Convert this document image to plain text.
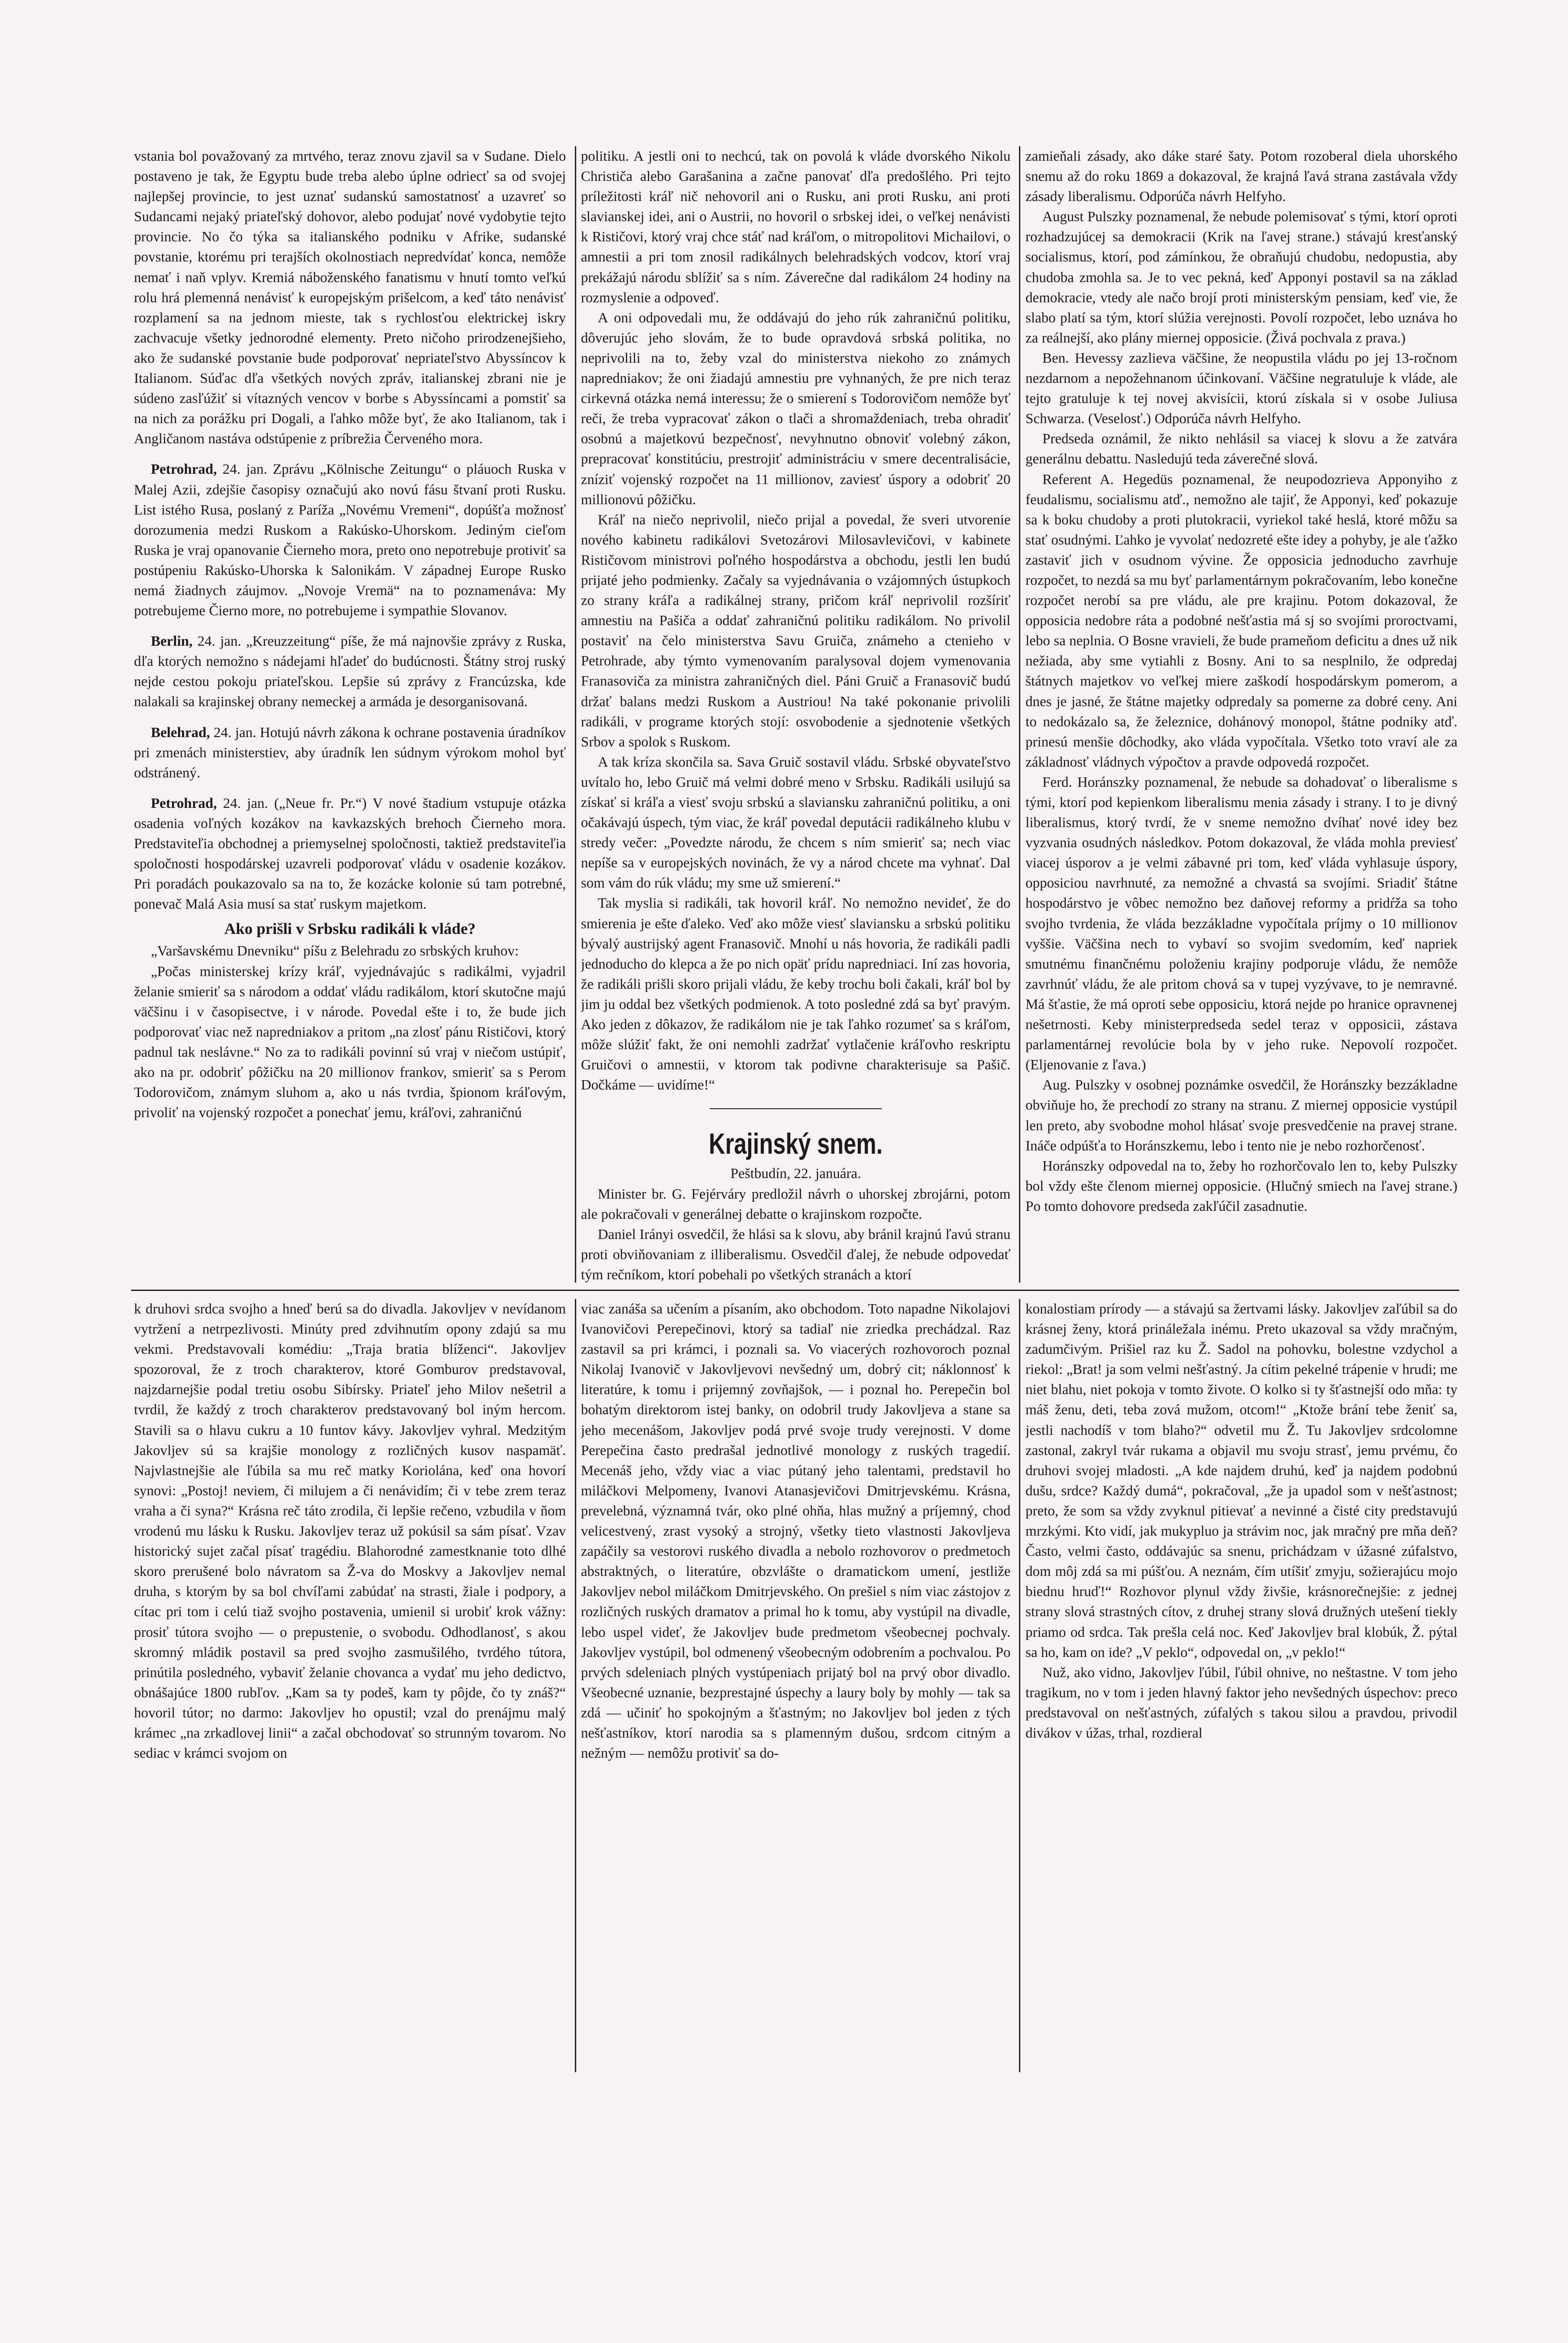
vstania bol považovaný za mrtvého, teraz znovu zjavil sa v Sudane. Dielo postaveno je tak, že Egyptu bude treba alebo úplne odriecť sa od svojej najlepšej provincie, to jest uznať sudanskú samostatnosť a uzavreť so Sudancami nejaký priateľský dohovor, alebo podujať nové vydobytie tejto provincie. No čo týka sa italianského podniku v Afrike, sudanské povstanie, ktorému pri terajších okolnostiach nepredvídať konca, nemôže nemať i naň vplyv. Kremiá náboženského fanatismu v hnutí tomto veľkú rolu hrá plemenná nenávisť k europejským prišelcom, a keď táto nenávisť rozplamení sa na jednom mieste, tak s rychlosťou elektrickej iskry zachvacuje všetky jednorodné elementy. Preto ničoho prirodzenejšieho, ako že sudanské povstanie bude podporovať nepriateľstvo Abyssíncov k Italianom. Súďac dľa všetkých nových zpráv, italianskej zbrani nie je súdeno zasľúžiť si vítazných vencov v borbe s Abyssíncami a pomstiť sa na nich za porážku pri Dogali, a ľahko môže byť, že ako Italianom, tak i Angličanom nastáva odstúpenie z príbrežia Červeného mora.

Petrohrad, 24. jan. Zprávu „Kölnische Zeitungu“ o pláuoch Ruska v Malej Azii, zdejšie časopisy označujú ako novú fásu štvaní proti Rusku. List istého Rusa, poslaný z Paríža „Novému Vremeni“, dopúšťa možnosť dorozumenia medzi Ruskom a Rakúsko-Uhorskom. Jediným cieľom Ruska je vraj opanovanie Čierneho mora, preto ono nepotrebuje protiviť sa postúpeniu Rakúsko-Uhorska k Salonikám. V západnej Europe Rusko nemá žiadnych záujmov. „Novoje Vremä“ na to poznamenáva: My potrebujeme Čierno more, no potrebujeme i sympathie Slovanov.

Berlin, 24. jan. „Kreuzzeitung“ píše, že má najnovšie zprávy z Ruska, dľa ktorých nemožno s nádejami hľadeť do budúcnosti. Štátny stroj ruský nejde cestou pokoju priateľskou. Lepšie sú zprávy z Francúzska, kde nalakali sa krajinskej obrany nemeckej a armáda je desorganisovaná.

Belehrad, 24. jan. Hotujú návrh zákona k ochrane postavenia úradníkov pri zmenách ministerstiev, aby úradník len súdnym výrokom mohol byť odstránený.

Petrohrad, 24. jan. („Neue fr. Pr.“) V nové štadium vstupuje otázka osadenia voľných kozákov na kavkazských brehoch Čierneho mora. Predstaviteľia obchodnej a priemyselnej spoločnosti, taktiež predstaviteľia spoločnosti hospodárskej uzavreli podporovať vládu v osadenie kozákov. Pri poradách poukazovalo sa na to, že kozácke kolonie sú tam potrebné, ponevač Malá Asia musí sa stať ruskym majetkom.

Ako prišli v Srbsku radikáli k vláde?

„Varšavskému Dnevniku“ píšu z Belehradu zo srbských kruhov:

„Počas ministerskej krízy kráľ, vyjednávajúc s radikálmi, vyjadril želanie smieriť sa s národom a oddať vládu radikálom, ktorí skutočne majú väčšinu i v časopisectve, i v národe. Povedal ešte i to, že bude jich podporovať viac než napredniakov a pritom „na zlosť pánu Rističovi, ktorý padnul tak neslávne.“ No za to radikáli povinní sú vraj v niečom ustúpiť, ako na pr. odobriť pôžičku na 20 millionov frankov, smieriť sa s Perom Todorovičom, známym sluhom a, ako u nás tvrdia, špionom kráľovým, privoliť na vojenský rozpočet a ponechať jemu, kráľovi, zahraničnú

politiku. A jestli oni to nechcú, tak on povolá k vláde dvorského Nikolu Christiča alebo Garašanina a začne panovať dľa predošlého. Pri tejto príležitosti kráľ nič nehovoril ani o Rusku, ani proti Rusku, ani proti slavianskej idei, ani o Austrii, no hovoril o srbskej idei, o veľkej nenávisti k Rističovi, ktorý vraj chce stáť nad kráľom, o mitropolitovi Michailovi, o amnestii a pri tom znosil radikálnych belehradských vodcov, ktorí vraj prekážajú národu sblížiť sa s ním. Záverečne dal radikálom 24 hodiny na rozmyslenie a odpoveď.

A oni odpovedali mu, že oddávajú do jeho rúk zahraničnú politiku, dôverujúc jeho slovám, že to bude opravdová srbská politika, no neprivolili na to, žeby vzal do ministerstva niekoho zo známych napredniakov; že oni žiadajú amnestiu pre vyhnaných, že pre nich teraz cirkevná otázka nemá interessu; že o smierení s Todorovičom nemôže byť reči, že treba vypracovať zákon o tlači a shromaždeniach, treba ohradiť osobnú a majetkovú bezpečnosť, nevyhnutno obnoviť volebný zákon, prepracovať konstitúciu, prestrojiť administráciu v smere decentralisácie, zníziť vojenský rozpočet na 11 millionov, zaviesť úspory a odobriť 20 millionovú pôžičku.

Kráľ na niečo neprivolil, niečo prijal a povedal, že sveri utvorenie nového kabinetu radikálovi Svetozárovi Milosavlevičovi, v kabinete Rističovom ministrovi poľného hospodárstva a obchodu, jestli len budú prijaté jeho podmienky. Začaly sa vyjednávania o vzájomných ústupkoch zo strany kráľa a radikálnej strany, pričom kráľ neprivolil rozšíriť amnestiu na Pašiča a oddať zahraničnú politiku radikálom. No privolil postaviť na čelo ministerstva Savu Gruiča, známeho a ctenieho v Petrohrade, aby týmto vymenovaním paralysoval dojem vymenovania Franasoviča za ministra zahraničných diel. Páni Gruič a Franasovič budú držať balans medzi Ruskom a Austriou! Na také pokonanie privolili radikáli, v programe ktorých stojí: osvobodenie a sjednotenie všetkých Srbov a spolok s Ruskom.

A tak kríza skončila sa. Sava Gruič sostavil vládu. Srbské obyvateľstvo uvítalo ho, lebo Gruič má velmi dobré meno v Srbsku. Radikáli usilujú sa získať si kráľa a viesť svoju srbskú a slaviansku zahraničnú politiku, a oni očakávajú úspech, tým viac, že kráľ povedal deputácii radikálneho klubu v stredy večer: „Povedzte národu, že chcem s ním smieriť sa; nech viac nepíše sa v europejských novinách, že vy a národ chcete ma vyhnať. Dal som vám do rúk vládu; my sme už smierení.“

Tak myslia si radikáli, tak hovoril kráľ. No nemožno nevideť, že do smierenia je ešte ďaleko. Veď ako môže viesť slaviansku a srbskú politiku bývalý austrijský agent Franasovič. Mnohí u nás hovoria, že radikáli padli jednoducho do klepca a že po nich opäť prídu napredniaci. Iní zas hovoria, že radikáli prišli skoro prijali vládu, že keby trochu boli čakali, kráľ bol by jim ju oddal bez všetkých podmienok. A toto posledné zdá sa byť pravým. Ako jeden z dôkazov, že radikálom nie je tak ľahko rozumeť sa s kráľom, môže slúžiť fakt, že oni nemohli zadržať vytlačenie kráľovho reskriptu Gruičovi o amnestii, v ktorom tak podivne charakterisuje sa Pašič. Dočkáme — uvidíme!“

Krajinský snem.

Peštbudín, 22. januára.

Minister br. G. Fejérváry predložil návrh o uhorskej zbrojárni, potom ale pokračovali v generálnej debatte o krajinskom rozpočte.

Daniel Irányi osvedčil, že hlási sa k slovu, aby bránil krajnú ľavú stranu proti obviňovaniam z illiberalismu. Osvedčil ďalej, že nebude odpovedať tým rečníkom, ktorí pobehali po všetkých stranách a ktorí

zamieňali zásady, ako dáke staré šaty. Potom rozoberal diela uhorského snemu až do roku 1869 a dokazoval, že krajná ľavá strana zastávala vždy zásady liberalismu. Odporúča návrh Helfyho.

August Pulszky poznamenal, že nebude polemisovať s tými, ktorí oproti rozhadzujúcej sa demokracii (Krik na ľavej strane.) stávajú kresťanský socialismus, ktorí, pod zámínkou, že obraňujú chudobu, nedopustia, aby chudoba zmohla sa. Je to vec pekná, keď Apponyi postavil sa na základ demokracie, vtedy ale načo brojí proti ministerským pensiam, keď vie, že slabo platí sa tým, ktorí slúžia verejnosti. Povolí rozpočet, lebo uznáva ho za reálnejší, ako plány miernej opposicie. (Živá pochvala z prava.)

Ben. Hevessy zazlieva väčšine, že neopustila vládu po jej 13-ročnom nezdarnom a nepožehnanom účinkovaní. Väčšine negratuluje k vláde, ale tejto gratuluje k tej novej akvisícii, ktorú získala si v osobe Juliusa Schwarza. (Veselosť.) Odporúča návrh Helfyho.

Predseda oznámil, že nikto nehlásil sa viacej k slovu a že zatvára generálnu debattu. Nasledujú teda záverečné slová.

Referent A. Hegedüs poznamenal, že neupodozrieva Apponyiho z feudalismu, socialismu atď., nemožno ale tajiť, že Apponyi, keď pokazuje sa k boku chudoby a proti plutokracii, vyriekol také heslá, ktoré môžu sa stať osudnými. Ľahko je vyvolať nedozreté ešte idey a pohyby, je ale ťažko zastaviť jich v osudnom vývine. Že opposicia jednoducho zavrhuje rozpočet, to nezdá sa mu byť parlamentárnym pokračovaním, lebo konečne rozpočet nerobí sa pre vládu, ale pre krajinu. Potom dokazoval, že opposicia nedobre ráta a podobné nešťastia má sj so svojími proroctvami, lebo sa neplnia. O Bosne vravieli, že bude prameňom deficitu a dnes už nik nežiada, aby sme vytiahli z Bosny. Ani to sa nesplnilo, že odpredaj štátnych majetkov vo veľkej miere zaškodí hospodárskym pomerom, a dnes je jasné, že štátne majetky odpredaly sa pomerne za dobré ceny. Ani to nedokázalo sa, že železnice, dohánový monopol, štátne podniky atď. prinesú menšie dôchodky, ako vláda vypočítala. Všetko toto vraví ale za základnosť vládnych výpočtov a pravde odpovedá rozpočet.

Ferd. Horánszky poznamenal, že nebude sa dohadovať o liberalisme s tými, ktorí pod kepienkom liberalismu menia zásady i strany. I to je divný liberalismus, ktorý tvrdí, že v sneme nemožno dvíhať nové idey bez vyzvania osudných následkov. Potom dokazoval, že vláda mohla previesť viacej úsporov a je velmi zábavné pri tom, keď vláda vyhlasuje úspory, opposiciou navrhnuté, za nemožné a chvastá sa svojími. Sriadiť štátne hospodárstvo je vôbec nemožno bez daňovej reformy a pridŕža sa toho svojho tvrdenia, že vláda bezzákladne vypočítala príjmy o 10 millionov vyššie. Väčšina nech to vybaví so svojim svedomím, keď napriek smutnému finančnému položeniu krajiny podporuje vládu, že nemôže zavrhnúť vládu, že ale pritom chová sa v tupej vyzývave, to je nemravné. Má šťastie, že má oproti sebe opposiciu, ktorá nejde po hranice opravnenej nešetrnosti. Keby ministerpredseda sedel teraz v opposicii, zástava parlamentárnej revolúcie bola by v jeho ruke. Nepovolí rozpočet. (Eljenovanie z ľava.)

Aug. Pulszky v osobnej poznámke osvedčil, že Horánszky bezzákladne obviňuje ho, že prechodí zo strany na stranu. Z miernej opposicie vystúpil len preto, aby svobodne mohol hlásať svoje presvedčenie na pravej strane. Ináče odpúšťa to Horánszkemu, lebo i tento nie je nebo rozhorčenosť.

Horánszky odpovedal na to, žeby ho rozhorčovalo len to, keby Pulszky bol vždy ešte členom miernej opposicie. (Hlučný smiech na ľavej strane.) Po tomto dohovore predseda zakľúčil zasadnutie.

k druhovi srdca svojho a hneď berú sa do divadla. Jakovljev v nevídanom vytržení a netrpezlivosti. Minúty pred zdvihnutím opony zdajú sa mu vekmi. Predstavovali komédiu: „Traja bratia blíženci“. Jakovljev spozoroval, že z troch charakterov, ktoré Gomburov predstavoval, najzdarnejšie podal tretiu osobu Sibírsky. Priateľ jeho Milov nešetril a tvrdil, že každý z troch charakterov predstavovaný bol iným hercom. Stavili sa o hlavu cukru a 10 funtov kávy. Jakovljev vyhral. Medzitým Jakovljev sú sa krajšie monology z rozličných kusov naspamäť. Najvlastnejšie ale ľúbila sa mu reč matky Koriolána, keď ona hovorí synovi: „Postoj! neviem, či milujem a či nenávidím; či v tebe zrem teraz vraha a či syna?“ Krásna reč táto zrodila, či lepšie rečeno, vzbudila v ňom vrodenú mu lásku k Rusku. Jakovljev teraz už pokúsil sa sám písať. Vzav historický sujet začal písať tragédiu. Blahorodné zamestknanie toto dlhé skoro prerušené bolo návratom sa Ž-va do Moskvy a Jakovljev nemal druha, s ktorým by sa bol chvíľami zabúdať na strasti, žiale i podpory, a cítac pri tom i celú tiaž svojho postavenia, umienil si urobiť krok vážny: prosiť tútora svojho — o prepustenie, o svobodu. Odhodlanosť, s akou skromný mládik postavil sa pred svojho zasmušilého, tvrdého tútora, prinútila posledného, vybaviť želanie chovanca a vydať mu jeho dedictvo, obnášajúce 1800 rubľov. „Kam sa ty podeš, kam ty pôjde, čo ty znáš?“ hovoril tútor; no darmo: Jakovljev ho opustil; vzal do prenájmu malý krámec „na zrkadlovej linii“ a začal obchodovať so strunným tovarom. No sediac v krámci svojom on

viac zanáša sa učením a písaním, ako obchodom. Toto napadne Nikolajovi Ivanovičovi Perepečinovi, ktorý sa tadiaľ nie zriedka prechádzal. Raz zastavil sa pri krámci, i poznali sa. Vo viacerých rozhovoroch poznal Nikolaj Ivanovič v Jakovljevovi nevšedný um, dobrý cit; náklonnosť k literatúre, k tomu i prijemný zovňajšok, — i poznal ho. Perepečin bol bohatým direktorom istej banky, on odobril trudy Jakovljeva a stane sa jeho mecenášom, Jakovljev podá prvé svoje trudy verejnosti. V dome Perepečina často predrašal jednotlivé monology z ruských tragedií. Mecenáš jeho, vždy viac a viac pútaný jeho talentami, predstavil ho miláčkovi Melpomeny, Ivanovi Atanasjevičovi Dmitrjevskému. Krásna, prevelebná, významná tvár, oko plné ohňa, hlas mužný a príjemný, chod velicestvený, zrast vysoký a strojný, všetky tieto vlastnosti Jakovljeva zapáčily sa vestorovi ruského divadla a nebolo rozhovorov o predmetoch abstraktných, o literatúre, obzvlášte o dramatickom umení, jestliže Jakovljev nebol miláčkom Dmitrjevského. On prešiel s ním viac zástojov z rozličných ruských dramatov a primal ho k tomu, aby vystúpil na divadle, lebo uspel videť, že Jakovljev bude predmetom všeobecnej pochvaly. Jakovljev vystúpil, bol odmenený všeobecným odobrením a pochvalou. Po prvých sdeleniach plných vystúpeniach prijatý bol na prvý obor divadlo. Všeobecné uznanie, bezprestajné úspechy a laury boly by mohly — tak sa zdá — učiniť ho spokojným a šťastným; no Jakovljev bol jeden z tých nešťastníkov, ktorí narodia sa s plamenným dušou, srdcom citným a nežným — nemôžu protiviť sa do-

konalostiam prírody — a stávajú sa žertvami lásky. Jakovljev zaľúbil sa do krásnej ženy, ktorá prináležala inému. Preto ukazoval sa vždy mračným, zadumčivým. Prišiel raz ku Ž. Sadol na pohovku, bolestne vzdychol a riekol: „Brat! ja som velmi nešťastný. Ja cítim pekelné trápenie v hrudi; me niet blahu, niet pokoja v tomto živote. O kolko si ty šťastnejší odo mňa: ty máš ženu, deti, teba zová mužom, otcom!“ „Ktože brání tebe ženiť sa, jestli nachodíš v tom blaho?“ odvetil mu Ž. Tu Jakovljev srdcolomne zastonal, zakryl tvár rukama a objavil mu svoju strasť, jemu prvému, čo druhovi svojej mladosti. „A kde najdem druhú, keď ja najdem podobnú dušu, srdce? Každý dumá“, pokračoval, „že ja upadol som v nešťastnost; preto, že som sa vždy zvyknul pitievať a nevinné a čisté city predstavujú mrzkými. Kto vidí, jak mukypluo ja strávim noc, jak mračný pre mňa deň? Často, velmi často, oddávajúc sa snenu, prichádzam v úžasné zúfalstvo, dom môj zdá sa mi púšťou. A neznám, čím utíšiť zmyju, sožierajúcu mojo biednu hruď!“ Rozhovor plynul vždy živšie, krásnorečnejšie: z jednej strany slová strastných cítov, z druhej strany slová družných utešení tiekly priamo od srdca. Tak prešla celá noc. Keď Jakovljev bral klobúk, Ž. pýtal sa ho, kam on ide? „V peklo“, odpovedal on, „v peklo!“

Nuž, ako vidno, Jakovljev ľúbil, ľúbil ohnive, no neštastne. V tom jeho tragikum, no v tom i jeden hlavný faktor jeho nevšedných úspechov: preco predstavoval on nešťastných, zúfalých s takou silou a pravdou, privodil divákov v úžas, trhal, rozdieral
